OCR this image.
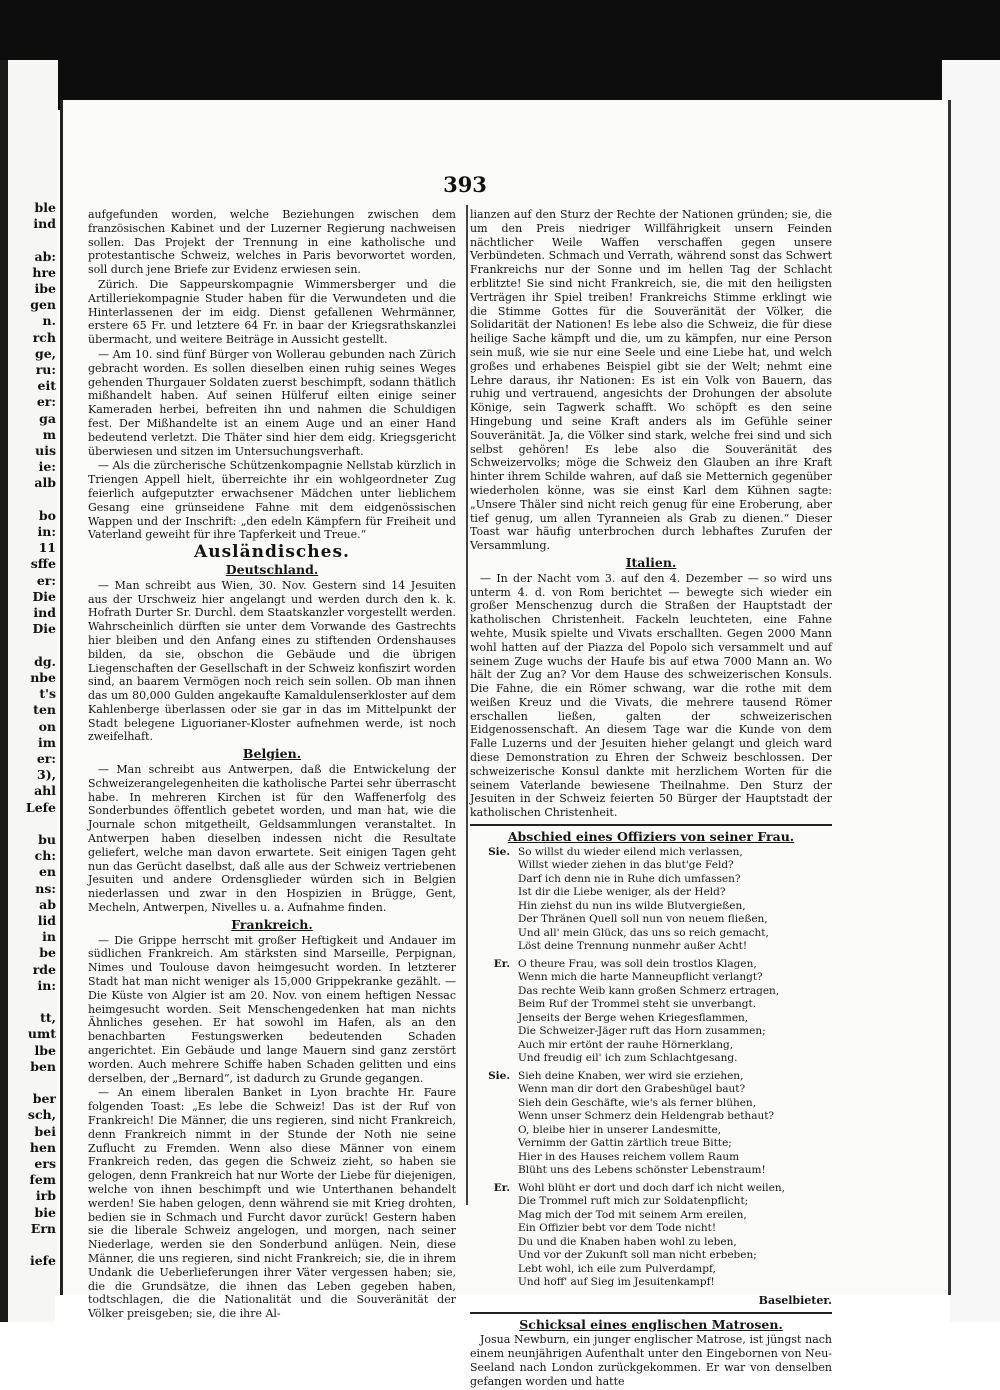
ble
ind

ab:
hre
ibe
gen
n.
rch
ge,
ru:
eit
er:
ga
m
uis
ie:
alb

bo
in:
11
sffe
er:
Die
ind
Die

dg.
nbe
t's
ten
on
im
er:
3),
ahl
Lefe

bu
ch:
en
ns:
ab
lid
in
be
rde
in:

tt,
umt
lbe
ben

ber
sch,
bei
hen
ers
fem
irb
bie
Ern

iefe
393

aufgefunden worden, welche Beziehungen zwischen dem französischen Kabinet und der Luzerner Regierung nachweisen sollen. Das Projekt der Trennung in eine katholische und protestantische Schweiz, welches in Paris bevorwortet worden, soll durch jene Briefe zur Evidenz erwiesen sein.

Zürich. Die Sappeurskompagnie Wimmersberger und die Artilleriekompagnie Studer haben für die Verwundeten und die Hinterlassenen der im eidg. Dienst gefallenen Wehrmänner, erstere 65 Fr. und letztere 64 Fr. in baar der Kriegsrathskanzlei übermacht, und weitere Beiträge in Aussicht gestellt.

— Am 10. sind fünf Bürger von Wollerau gebunden nach Zürich gebracht worden. Es sollen dieselben einen ruhig seines Weges gehenden Thurgauer Soldaten zuerst beschimpft, sodann thätlich mißhandelt haben. Auf seinen Hülferuf eilten einige seiner Kameraden herbei, befreiten ihn und nahmen die Schuldigen fest. Der Mißhandelte ist an einem Auge und an einer Hand bedeutend verletzt. Die Thäter sind hier dem eidg. Kriegsgericht überwiesen und sitzen im Untersuchungsverhaft.

— Als die zürcherische Schützenkompagnie Nellstab kürzlich in Triengen Appell hielt, überreichte ihr ein wohlgeordneter Zug feierlich aufgeputzter erwachsener Mädchen unter lieblichem Gesang eine grünseidene Fahne mit dem eidgenössischen Wappen und der Inschrift: „den edeln Kämpfern für Freiheit und Vaterland geweiht für ihre Tapferkeit und Treue.“

Ausländisches.
Deutschland.

— Man schreibt aus Wien, 30. Nov. Gestern sind 14 Jesuiten aus der Urschweiz hier angelangt und werden durch den k. k. Hofrath Durter Sr. Durchl. dem Staatskanzler vorgestellt werden. Wahrscheinlich dürften sie unter dem Vorwande des Gastrechts hier bleiben und den Anfang eines zu stiftenden Ordenshauses bilden, da sie, obschon die Gebäude und die übrigen Liegenschaften der Gesellschaft in der Schweiz konfiszirt worden sind, an baarem Vermögen noch reich sein sollen. Ob man ihnen das um 80,000 Gulden angekaufte Kamaldulenserkloster auf dem Kahlenberge überlassen oder sie gar in das im Mittelpunkt der Stadt belegene Liguorianer-Kloster aufnehmen werde, ist noch zweifelhaft.

Belgien.

— Man schreibt aus Antwerpen, daß die Entwickelung der Schweizerangelegenheiten die katholische Partei sehr überrascht habe. In mehreren Kirchen ist für den Waffenerfolg des Sonderbundes öffentlich gebetet worden, und man hat, wie die Journale schon mitgetheilt, Geldsammlungen veranstaltet. In Antwerpen haben dieselben indessen nicht die Resultate geliefert, welche man davon erwartete. Seit einigen Tagen geht nun das Gerücht daselbst, daß alle aus der Schweiz vertriebenen Jesuiten und andere Ordensglieder würden sich in Belgien niederlassen und zwar in den Hospizien in Brügge, Gent, Mecheln, Antwerpen, Nivelles u. a. Aufnahme finden.

Frankreich.

— Die Grippe herrscht mit großer Heftigkeit und Andauer im südlichen Frankreich. Am stärksten sind Marseille, Perpignan, Nimes und Toulouse davon heimgesucht worden. In letzterer Stadt hat man nicht weniger als 15,000 Grippekranke gezählt. — Die Küste von Algier ist am 20. Nov. von einem heftigen Nessac heimgesucht worden. Seit Menschengedenken hat man nichts Ähnliches gesehen. Er hat sowohl im Hafen, als an den benachbarten Festungswerken bedeutenden Schaden angerichtet. Ein Gebäude und lange Mauern sind ganz zerstört worden. Auch mehrere Schiffe haben Schaden gelitten und eins derselben, der „Bernard“, ist dadurch zu Grunde gegangen.

— An einem liberalen Banket in Lyon brachte Hr. Faure folgenden Toast: „Es lebe die Schweiz! Das ist der Ruf von Frankreich! Die Männer, die uns regieren, sind nicht Frankreich, denn Frankreich nimmt in der Stunde der Noth nie seine Zuflucht zu Fremden. Wenn also diese Männer von einem Frankreich reden, das gegen die Schweiz zieht, so haben sie gelogen, denn Frankreich hat nur Worte der Liebe für diejenigen, welche von ihnen beschimpft und wie Unterthanen behandelt werden! Sie haben gelogen, denn während sie mit Krieg drohten, bedien sie in Schmach und Furcht davor zurück! Gestern haben sie die liberale Schweiz angelogen, und morgen, nach seiner Niederlage, werden sie den Sonderbund anlügen. Nein, diese Männer, die uns regieren, sind nicht Frankreich; sie, die in ihrem Undank die Ueberlieferungen ihrer Väter vergessen haben; sie, die die Grundsätze, die ihnen das Leben gegeben haben, todtschlagen, die die Nationalität und die Souveränität der Völker preisgeben; sie, die ihre Al-

lianzen auf den Sturz der Rechte der Nationen gründen; sie, die um den Preis niedriger Willfährigkeit unsern Feinden nächtlicher Weile Waffen verschaffen gegen unsere Verbündeten. Schmach und Verrath, während sonst das Schwert Frankreichs nur der Sonne und im hellen Tag der Schlacht erblitzte! Sie sind nicht Frankreich, sie, die mit den heiligsten Verträgen ihr Spiel treiben! Frankreichs Stimme erklingt wie die Stimme Gottes für die Souveränität der Völker, die Solidarität der Nationen! Es lebe also die Schweiz, die für diese heilige Sache kämpft und die, um zu kämpfen, nur eine Person sein muß, wie sie nur eine Seele und eine Liebe hat, und welch großes und erhabenes Beispiel gibt sie der Welt; nehmt eine Lehre daraus, ihr Nationen: Es ist ein Volk von Bauern, das ruhig und vertrauend, angesichts der Drohungen der absolute Könige, sein Tagwerk schafft. Wo schöpft es den seine Hingebung und seine Kraft anders als im Gefühle seiner Souveränität. Ja, die Völker sind stark, welche frei sind und sich selbst gehören! Es lebe also die Souveränität des Schweizervolks; möge die Schweiz den Glauben an ihre Kraft hinter ihrem Schilde wahren, auf daß sie Metternich gegenüber wiederholen könne, was sie einst Karl dem Kühnen sagte: „Unsere Thäler sind nicht reich genug für eine Eroberung, aber tief genug, um allen Tyranneien als Grab zu dienen.“ Dieser Toast war häufig unterbrochen durch lebhaftes Zurufen der Versammlung.

Italien.

— In der Nacht vom 3. auf den 4. Dezember — so wird uns unterm 4. d. von Rom berichtet — bewegte sich wieder ein großer Menschenzug durch die Straßen der Hauptstadt der katholischen Christenheit. Fackeln leuchteten, eine Fahne wehte, Musik spielte und Vivats erschallten. Gegen 2000 Mann wohl hatten auf der Piazza del Popolo sich versammelt und auf seinem Zuge wuchs der Haufe bis auf etwa 7000 Mann an. Wo hält der Zug an? Vor dem Hause des schweizerischen Konsuls. Die Fahne, die ein Römer schwang, war die rothe mit dem weißen Kreuz und die Vivats, die mehrere tausend Römer erschallen ließen, galten der schweizerischen Eidgenossenschaft. An diesem Tage war die Kunde von dem Falle Luzerns und der Jesuiten hieher gelangt und gleich ward diese Demonstration zu Ehren der Schweiz beschlossen. Der schweizerische Konsul dankte mit herzlichem Worten für die seinem Vaterlande bewiesene Theilnahme. Den Sturz der Jesuiten in der Schweiz feierten 50 Bürger der Hauptstadt der katholischen Christenheit.

Abschied eines Offiziers von seiner Frau.
Sie. So willst du wieder eilend mich verlassen,
Willst wieder ziehen in das blut'ge Feld?
Darf ich denn nie in Ruhe dich umfassen?
Ist dir die Liebe weniger, als der Held?
Hin ziehst du nun ins wilde Blutvergießen,
Der Thränen Quell soll nun von neuem fließen,
Und all' mein Glück, das uns so reich gemacht,
Löst deine Trennung nunmehr außer Acht!
Er. O theure Frau, was soll dein trostlos Klagen,
Wenn mich die harte Manneupflicht verlangt?
Das rechte Weib kann großen Schmerz ertragen,
Beim Ruf der Trommel steht sie unverbangt.
Jenseits der Berge wehen Kriegesflammen,
Die Schweizer-Jäger ruft das Horn zusammen;
Auch mir ertönt der rauhe Hörnerklang,
Und freudig eil' ich zum Schlachtgesang.
Sie. Sieh deine Knaben, wer wird sie erziehen,
Wenn man dir dort den Grabeshügel baut?
Sieh dein Geschäfte, wie's als ferner blühen,
Wenn unser Schmerz dein Heldengrab bethaut?
O, bleibe hier in unserer Landesmitte,
Vernimm der Gattin zärtlich treue Bitte;
Hier in des Hauses reichem vollem Raum
Blüht uns des Lebens schönster Lebenstraum!
Er. Wohl blüht er dort und doch darf ich nicht weilen,
Die Trommel ruft mich zur Soldatenpflicht;
Mag mich der Tod mit seinem Arm ereilen,
Ein Offizier bebt vor dem Tode nicht!
Du und die Knaben haben wohl zu leben,
Und vor der Zukunft soll man nicht erbeben;
Lebt wohl, ich eile zum Pulverdampf,
Und hoff' auf Sieg im Jesuitenkampf!
Baselbieter.
Schicksal eines englischen Matrosen.

Josua Newburn, ein junger englischer Matrose, ist jüngst nach einem neunjährigen Aufenthalt unter den Eingebornen von Neu-Seeland nach London zurückgekommen. Er war von denselben gefangen worden und hatte
